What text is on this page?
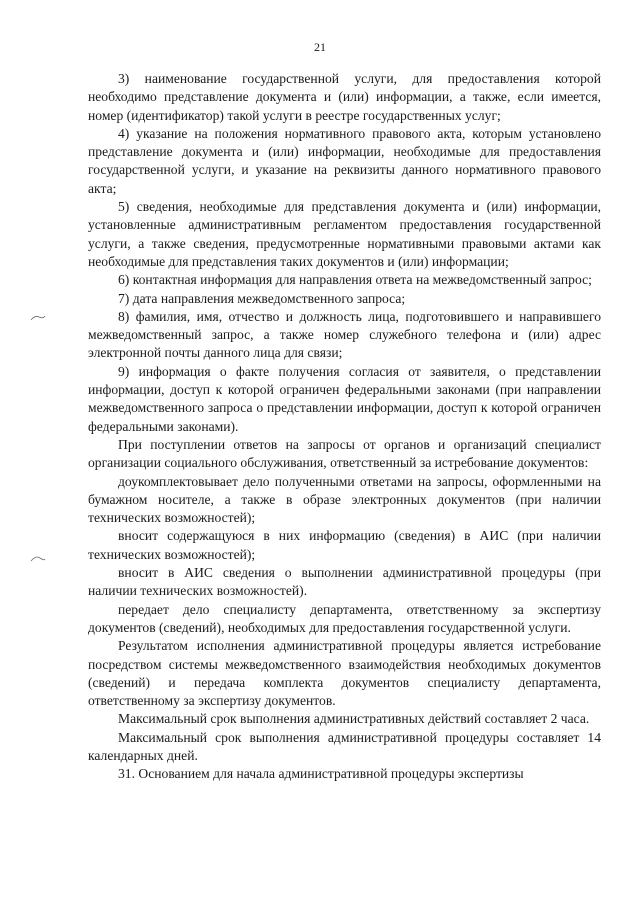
21

3) наименование государственной услуги, для предоставления которой необходимо представление документа и (или) информации, а также, если имеется, номер (идентификатор) такой услуги в реестре государственных услуг;

4) указание на положения нормативного правового акта, которым установлено представление документа и (или) информации, необходимые для предоставления государственной услуги, и указание на реквизиты данного нормативного правового акта;

5) сведения, необходимые для представления документа и (или) информации, установленные административным регламентом предоставления государственной услуги, а также сведения, предусмотренные нормативными правовыми актами как необходимые для представления таких документов и (или) информации;

6) контактная информация для направления ответа на межведомственный запрос;

7) дата направления межведомственного запроса;

8) фамилия, имя, отчество и должность лица, подготовившего и направившего межведомственный запрос, а также номер служебного телефона и (или) адрес электронной почты данного лица для связи;

9) информация о факте получения согласия от заявителя, о представлении информации, доступ к которой ограничен федеральными законами (при направлении межведомственного запроса о представлении информации, доступ к которой ограничен федеральными законами).

При поступлении ответов на запросы от органов и организаций специалист организации социального обслуживания, ответственный за истребование документов:

доукомплектовывает дело полученными ответами на запросы, оформленными на бумажном носителе, а также в образе электронных документов (при наличии технических возможностей);

вносит содержащуюся в них информацию (сведения) в АИС (при наличии технических возможностей);

вносит в АИС сведения о выполнении административной процедуры (при наличии технических возможностей).

передает дело специалисту департамента, ответственному за экспертизу документов (сведений), необходимых для предоставления государственной услуги.

Результатом исполнения административной процедуры является истребование посредством системы межведомственного взаимодействия необходимых документов (сведений) и передача комплекта документов специалисту департамента, ответственному за экспертизу документов.

Максимальный срок выполнения административных действий составляет 2 часа.

Максимальный срок выполнения административной процедуры составляет 14 календарных дней.

31. Основанием для начала административной процедуры экспертизы
